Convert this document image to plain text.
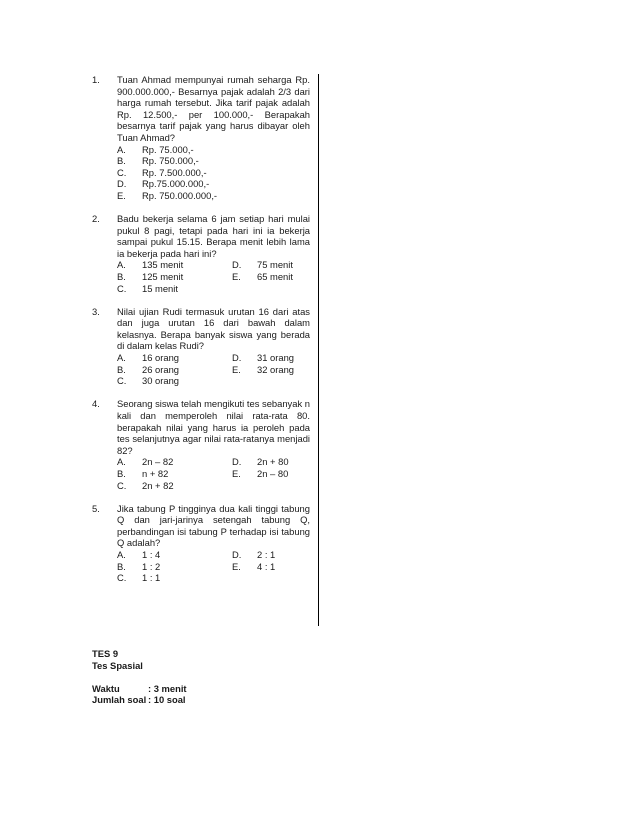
1.	Tuan Ahmad mempunyai rumah seharga Rp. 900.000.000,- Besarnya pajak adalah 2/3 dari harga rumah tersebut. Jika tarif pajak adalah Rp. 12.500,- per 100.000,- Berapakah besarnya tarif pajak yang harus dibayar oleh Tuan Ahmad?
A.	Rp. 75.000,-
B.	Rp. 750.000,-
C.	Rp. 7.500.000,-
D.	Rp.75.000.000,-
E.	Rp. 750.000.000,-
2.	Badu bekerja selama 6 jam setiap hari mulai pukul 8 pagi, tetapi pada hari ini ia bekerja sampai pukul 15.15. Berapa menit lebih lama ia bekerja pada hari ini?
A.	135 menit	D.	75 menit
B.	125 menit	E.	65 menit
C.	15 menit
3.	Nilai ujian Rudi termasuk urutan 16 dari atas dan juga urutan 16 dari bawah dalam kelasnya. Berapa banyak siswa yang berada di dalam kelas Rudi?
A.	16 orang	D.	31 orang
B.	26 orang	E.	32 orang
C.	30 orang
4.	Seorang siswa telah mengikuti tes sebanyak n kali dan memperoleh nilai rata-rata 80. berapakah nilai yang harus ia peroleh pada tes selanjutnya agar nilai rata-ratanya menjadi 82?
A.	2n – 82	D.	2n + 80
B.	n + 82	E.	2n – 80
C.	2n + 82
5.	Jika tabung P tingginya dua kali tinggi tabung Q dan jari-jarinya setengah tabung Q, perbandingan isi tabung P terhadap isi tabung Q adalah?
A.	1 : 4	D.	2 : 1
B.	1 : 2	E.	4 : 1
C.	1 : 1
TES 9
Tes Spasial
Waktu	: 3 menit
Jumlah soal : 10 soal
